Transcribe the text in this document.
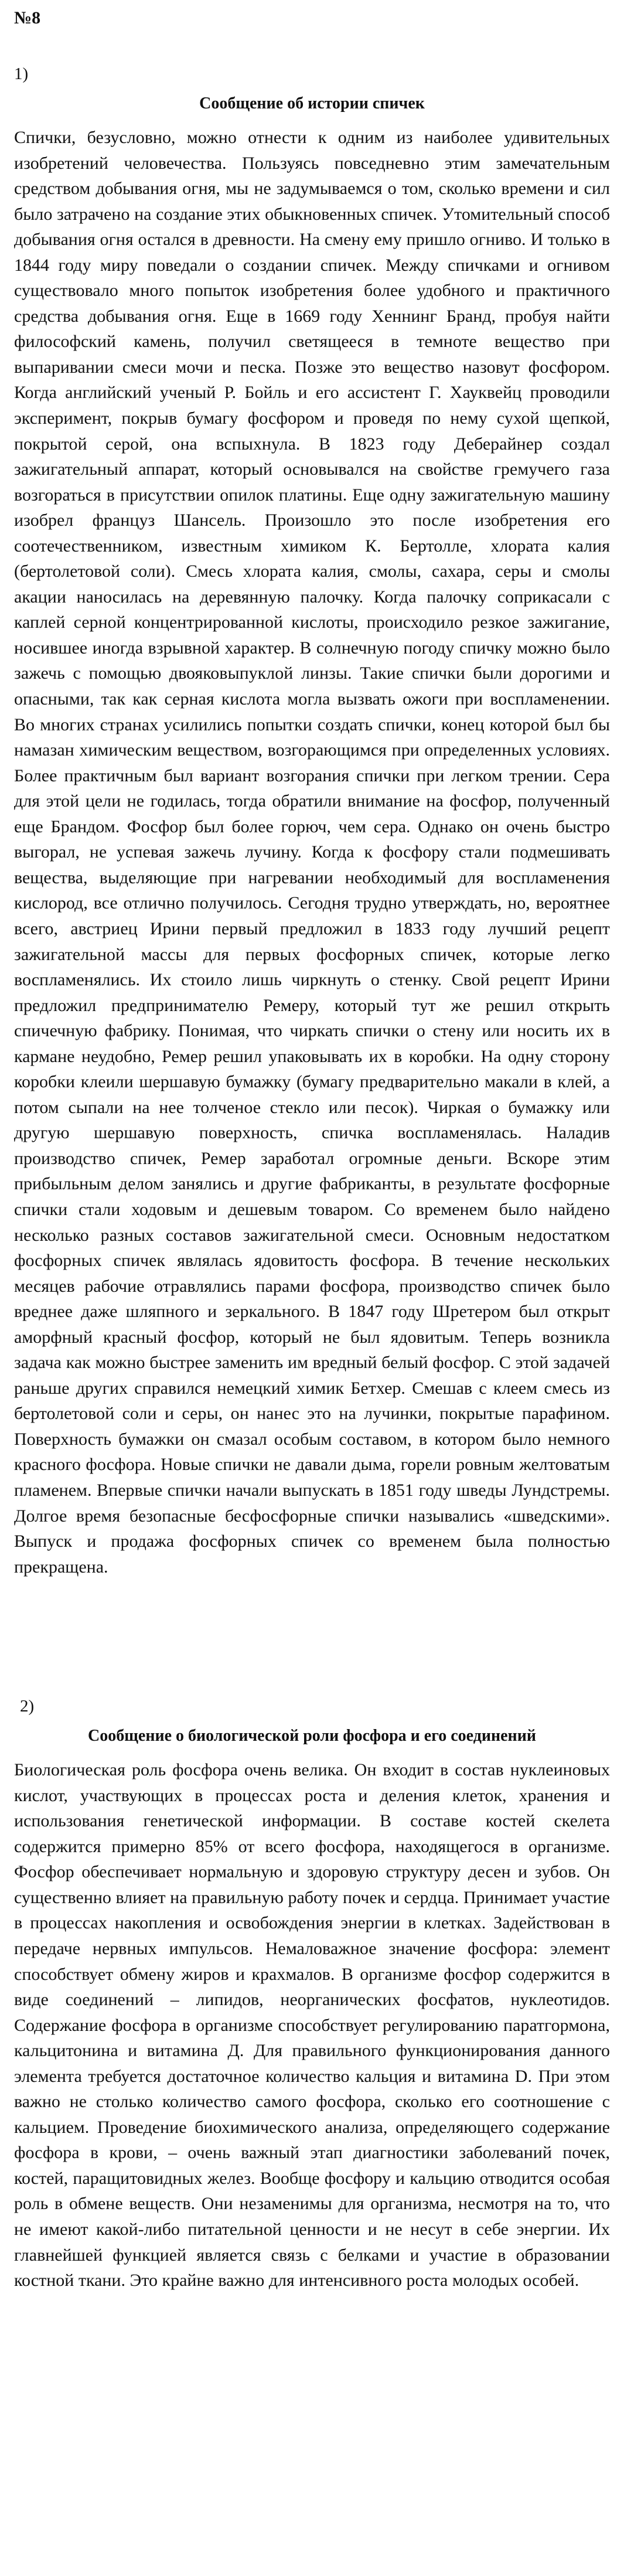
№8
1)
Сообщение об истории спичек

Спички, безусловно, можно отнести к одним из наиболее удивительных изобретений человечества. Пользуясь повседневно этим замечательным средством добывания огня, мы не задумываемся о том, сколько времени и сил было затрачено на создание этих обыкновенных спичек. Утомительный способ добывания огня остался в древности. На смену ему пришло огниво. И только в 1844 году миру поведали о создании спичек. Между спичками и огнивом существовало много попыток изобретения более удобного и практичного средства добывания огня. Еще в 1669 году Хеннинг Бранд, пробуя найти философский камень, получил светящееся в темноте вещество при выпаривании смеси мочи и песка. Позже это вещество назовут фосфором. Когда английский ученый Р. Бойль и его ассистент Г. Хауквейц проводили эксперимент, покрыв бумагу фосфором и проведя по нему сухой щепкой, покрытой серой, она вспыхнула. В 1823 году Деберайнер создал зажигательный аппарат, который основывался на свойстве гремучего газа возгораться в присутствии опилок платины. Еще одну зажигательную машину изобрел француз Шансель. Произошло это после изобретения его соотечественником, известным химиком К. Бертолле, хлората калия (бертолетовой соли). Смесь хлората калия, смолы, сахара, серы и смолы акации наносилась на деревянную палочку. Когда палочку соприкасали с каплей серной концентрированной кислоты, происходило резкое зажигание, носившее иногда взрывной характер. В солнечную погоду спичку можно было зажечь с помощью двояковыпуклой линзы. Такие спички были дорогими и опасными, так как серная кислота могла вызвать ожоги при воспламенении. Во многих странах усилились попытки создать спички, конец которой был бы намазан химическим веществом, возгорающимся при определенных условиях. Более практичным был вариант возгорания спички при легком трении. Сера для этой цели не годилась, тогда обратили внимание на фосфор, полученный еще Брандом. Фосфор был более горюч, чем сера. Однако он очень быстро выгорал, не успевая зажечь лучину. Когда к фосфору стали подмешивать вещества, выделяющие при нагревании необходимый для воспламенения кислород, все отлично получилось. Сегодня трудно утверждать, но, вероятнее всего, австриец Ирини первый предложил в 1833 году лучший рецепт зажигательной массы для первых фосфорных спичек, которые легко воспламенялись. Их стоило лишь чиркнуть о стенку. Свой рецепт Ирини предложил предпринимателю Ремеру, который тут же решил открыть спичечную фабрику. Понимая, что чиркать спички о стену или носить их в кармане неудобно, Ремер решил упаковывать их в коробки. На одну сторону коробки клеили шершавую бумажку (бумагу предварительно макали в клей, а потом сыпали на нее толченое стекло или песок). Чиркая о бумажку или другую шершавую поверхность, спичка воспламенялась. Наладив производство спичек, Ремер заработал огромные деньги. Вскоре этим прибыльным делом занялись и другие фабриканты, в результате фосфорные спички стали ходовым и дешевым товаром. Со временем было найдено несколько разных составов зажигательной смеси. Основным недостатком фосфорных спичек являлась ядовитость фосфора. В течение нескольких месяцев рабочие отравлялись парами фосфора, производство спичек было вреднее даже шляпного и зеркального. В 1847 году Шретером был открыт аморфный красный фосфор, который не был ядовитым. Теперь возникла задача как можно быстрее заменить им вредный белый фосфор. С этой задачей раньше других справился немецкий химик Бетхер. Смешав с клеем смесь из бертолетовой соли и серы, он нанес это на лучинки, покрытые парафином. Поверхность бумажки он смазал особым составом, в котором было немного красного фосфора. Новые спички не давали дыма, горели ровным желтоватым пламенем. Впервые спички начали выпускать в 1851 году шведы Лундстремы. Долгое время безопасные бесфосфорные спички назывались «шведскими». Выпуск и продажа фосфорных спичек со временем была полностью прекращена.

2)
Сообщение о биологической роли фосфора и его соединений

Биологическая роль фосфора очень велика. Он входит в состав нуклеиновых кислот, участвующих в процессах роста и деления клеток, хранения и использования генетической информации. В составе костей скелета содержится примерно 85% от всего фосфора, находящегося в организме. Фосфор обеспечивает нормальную и здоровую структуру десен и зубов. Он существенно влияет на правильную работу почек и сердца. Принимает участие в процессах накопления и освобождения энергии в клетках. Задействован в передаче нервных импульсов. Немаловажное значение фосфора: элемент способствует обмену жиров и крахмалов. В организме фосфор содержится в виде соединений – липидов, неорганических фосфатов, нуклеотидов. Содержание фосфора в организме способствует регулированию паратгормона, кальцитонина и витамина Д. Для правильного функционирования данного элемента требуется достаточное количество кальция и витамина D. При этом важно не столько количество самого фосфора, сколько его соотношение с кальцием. Проведение биохимического анализа, определяющего содержание фосфора в крови, – очень важный этап диагностики заболеваний почек, костей, паращитовидных желез. Вообще фосфору и кальцию отводится особая роль в обмене веществ. Они незаменимы для организма, несмотря на то, что не имеют какой-либо питательной ценности и не несут в себе энергии. Их главнейшей функцией является связь с белками и участие в образовании костной ткани. Это крайне важно для интенсивного роста молодых особей.
